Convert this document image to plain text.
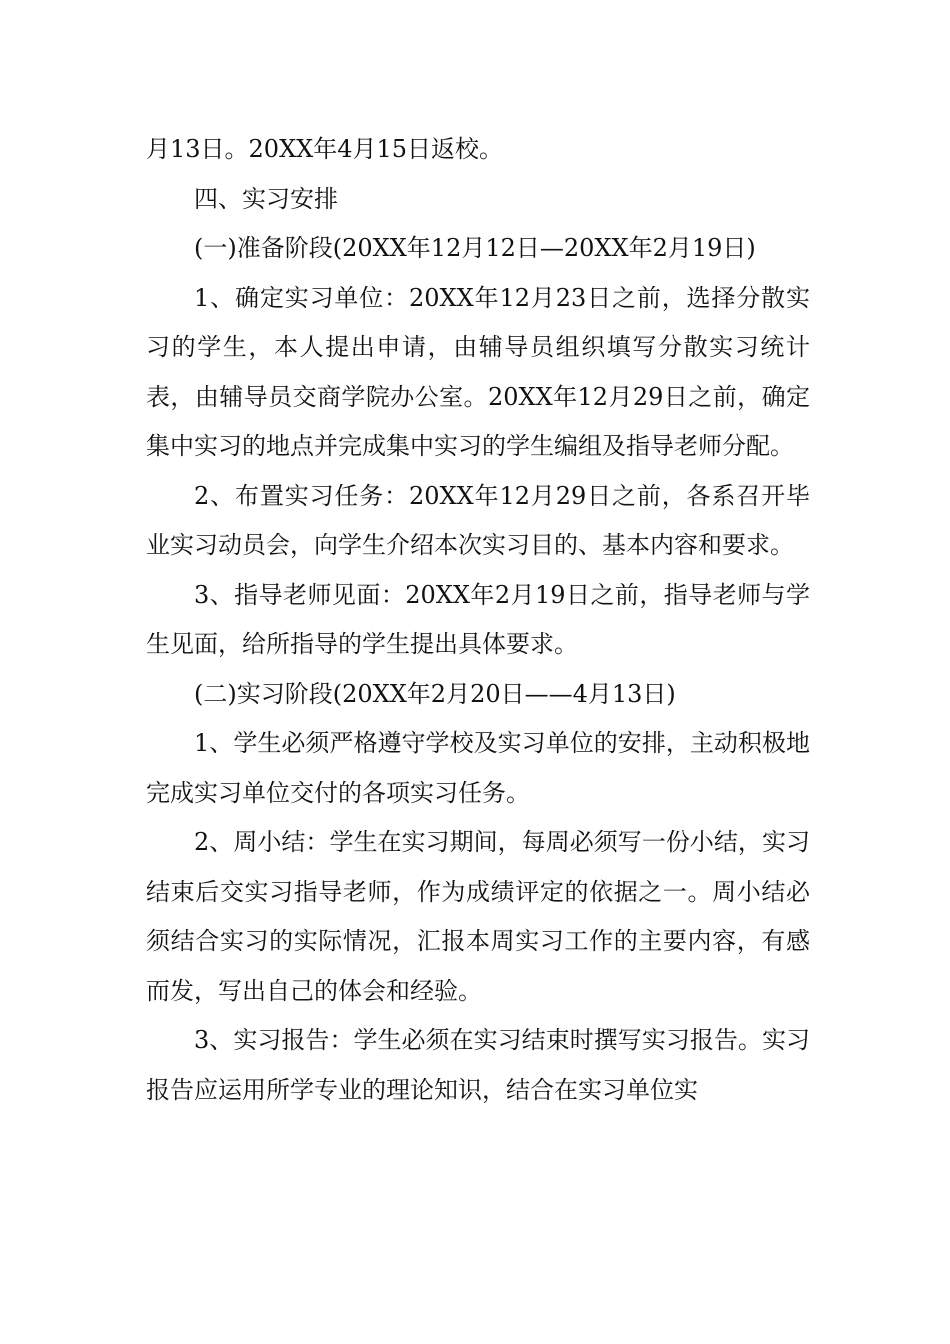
月13日。20XX年4月15日返校。

四、实习安排

(一)准备阶段(20XX年12月12日—20XX年2月19日)

1、确定实习单位：20XX年12月23日之前，选择分散实习的学生，本人提出申请，由辅导员组织填写分散实习统计表，由辅导员交商学院办公室。20XX年12月29日之前，确定集中实习的地点并完成集中实习的学生编组及指导老师分配。

2、布置实习任务：20XX年12月29日之前，各系召开毕业实习动员会，向学生介绍本次实习目的、基本内容和要求。

3、指导老师见面：20XX年2月19日之前，指导老师与学生见面，给所指导的学生提出具体要求。

(二)实习阶段(20XX年2月20日——4月13日)

1、学生必须严格遵守学校及实习单位的安排，主动积极地完成实习单位交付的各项实习任务。

2、周小结：学生在实习期间，每周必须写一份小结，实习结束后交实习指导老师，作为成绩评定的依据之一。周小结必须结合实习的实际情况，汇报本周实习工作的主要内容，有感而发，写出自己的体会和经验。

3、实习报告：学生必须在实习结束时撰写实习报告。实习报告应运用所学专业的理论知识，结合在实习单位实
